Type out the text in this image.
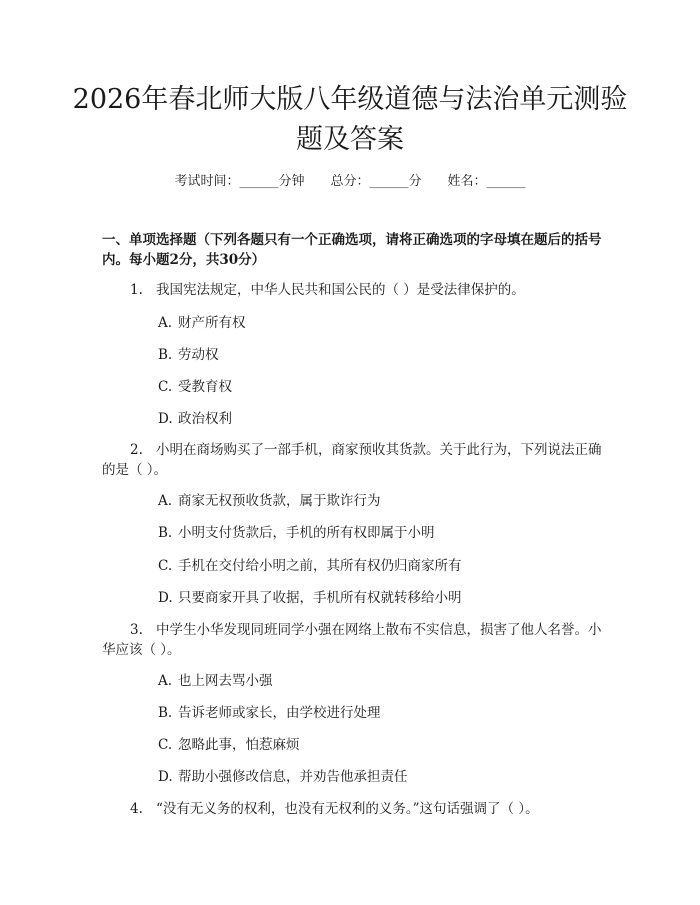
2026年春北师大版八年级道德与法治单元测验题及答案
考试时间：______分钟 总分：______分 姓名：______

一、单项选择题（下列各题只有一个正确选项，请将正确选项的字母填在题后的括号内。每小题2分，共30分）

1. 我国宪法规定，中华人民共和国公民的（ ）是受法律保护的。

A. 财产所有权

B. 劳动权

C. 受教育权

D. 政治权利

2. 小明在商场购买了一部手机，商家预收其货款。关于此行为，下列说法正确的是（ ）。

A. 商家无权预收货款，属于欺诈行为

B. 小明支付货款后，手机的所有权即属于小明

C. 手机在交付给小明之前，其所有权仍归商家所有

D. 只要商家开具了收据，手机所有权就转移给小明

3. 中学生小华发现同班同学小强在网络上散布不实信息，损害了他人名誉。小华应该（ ）。

A. 也上网去骂小强

B. 告诉老师或家长，由学校进行处理

C. 忽略此事，怕惹麻烦

D. 帮助小强修改信息，并劝告他承担责任

4. “没有无义务的权利，也没有无权利的义务。”这句话强调了（ ）。
